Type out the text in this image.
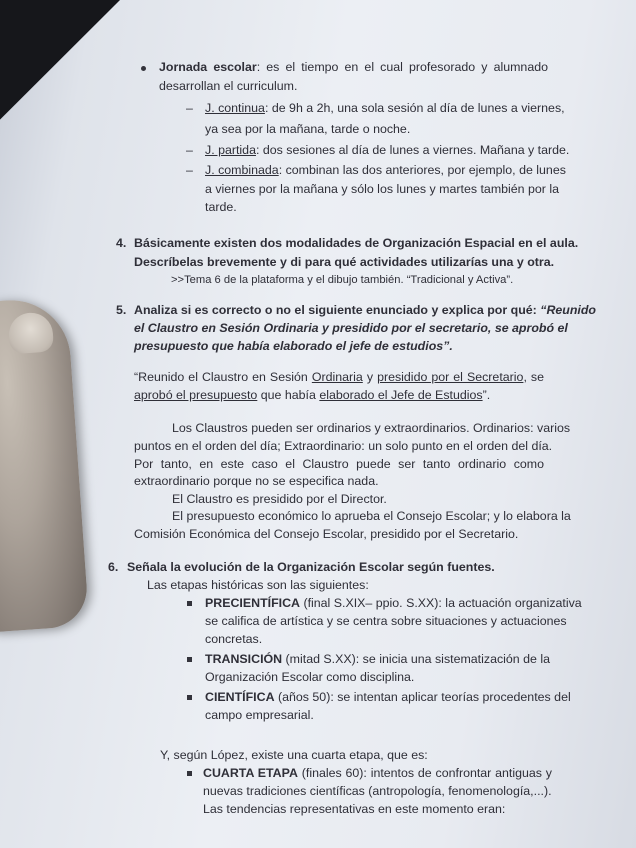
Jornada escolar: es el tiempo en el cual profesorado y alumnado
desarrollan el curriculum.
– J. continua: de 9h a 2h, una sola sesión al día de lunes a viernes,
ya sea por la mañana, tarde o noche.
– J. partida: dos sesiones al día de lunes a viernes. Mañana y tarde.
– J. combinada: combinan las dos anteriores, por ejemplo, de lunes
a viernes por la mañana y sólo los lunes y martes también por la
tarde.
4. Básicamente existen dos modalidades de Organización Espacial en el aula.
Descríbelas brevemente y di para qué actividades utilizarías una y otra.
>>Tema 6 de la plataforma y el dibujo también. “Tradicional y Activa”.
5. Analiza si es correcto o no el siguiente enunciado y explica por qué: “Reunido
el Claustro en Sesión Ordinaria y presidido por el secretario, se aprobó el
presupuesto que había elaborado el jefe de estudios”.
“Reunido el Claustro en Sesión Ordinaria y presidido por el Secretario, se
aprobó el presupuesto que había elaborado el Jefe de Estudios”.
Los Claustros pueden ser ordinarios y extraordinarios. Ordinarios: varios
puntos en el orden del día; Extraordinario: un solo punto en el orden del día.
Por tanto, en este caso el Claustro puede ser tanto ordinario como
extraordinario porque no se especifica nada.
El Claustro es presidido por el Director.
El presupuesto económico lo aprueba el Consejo Escolar; y lo elabora la
Comisión Económica del Consejo Escolar, presidido por el Secretario.
6. Señala la evolución de la Organización Escolar según fuentes.
Las etapas históricas son las siguientes:
PRECIENTÍFICA (final S.XIX– ppio. S.XX): la actuación organizativa
se califica de artística y se centra sobre situaciones y actuaciones
concretas.
TRANSICIÓN (mitad S.XX): se inicia una sistematización de la
Organización Escolar como disciplina.
CIENTÍFICA (años 50): se intentan aplicar teorías procedentes del
campo empresarial.
Y, según López, existe una cuarta etapa, que es:
CUARTA ETAPA (finales 60): intentos de confrontar antiguas y
nuevas tradiciones científicas (antropología, fenomenología,...).
Las tendencias representativas en este momento eran:
